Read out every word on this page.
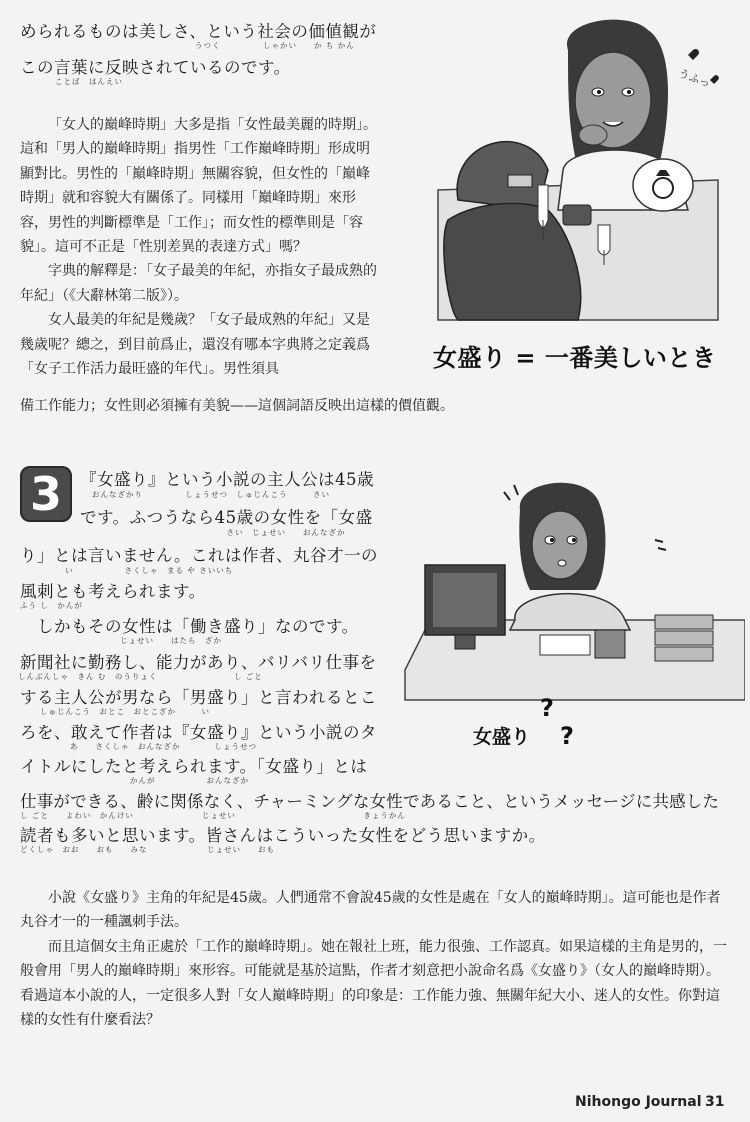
められるものは美しさ、という社会の価値観が
うつく　　　　　しゃかい　　か ち かん
この言葉に反映されているのです。
ことば　はんえい

「女人的巔峰時期」大多是指「女性最美麗的時期」。這和「男人的巔峰時期」指男性「工作巔峰時期」形成明顯對比。男性的「巔峰時期」無關容貌，但女性的「巔峰時期」就和容貌大有關係了。同樣用「巔峰時期」來形容，男性的判斷標準是「工作」；而女性的標準則是「容貌」。這可不正是「性別差異的表達方式」嗎？

字典的解釋是：「女子最美的年紀，亦指女子最成熟的年紀」（《大辭林第二版》）。

女人最美的年紀是幾歲？「女子最成熟的年紀」又是幾歲呢？總之，到目前爲止，還沒有哪本字典將之定義爲「女子工作活力最旺盛的年代」。男性須具

備工作能力；女性則必須擁有美貌——這個詞語反映出這樣的價值觀。
うふっ
女盛り = 一番美しいとき
3	『女盛り』という小説の主人公は45歳
おんなざかり　　　　　しょうせつ　しゅじんこう　　　さい
です。ふつうなら45歳の女性を「女盛
　　　　　　　　　さい　じょせい　　おんなざか
り」とは言いません。これは作者、丸谷才一の
い　　　　　　さくしゃ　まる や さいいち
風刺とも考えられます。
ふう し　かんが
　しかもその女性は「働き盛り」なのです。
じょせい　　はたら　ざか
新聞社に勤務し、能力があり、バリバリ仕事を
しんぶんしゃ　きん む　のうりょく　　　　　　　　　し ごと
する主人公が男なら「男盛り」と言われるとこ
しゅじんこう　おとこ　おとこざか　　　い
ろを、敢えて作者は『女盛り』という小説のタ
あ　　さくしゃ　おんなざか　　　　しょうせつ
イトルにしたと考えられます。「女盛り」とは
かんが　　　　　　おんなざか
仕事ができる、齢に関係なく、チャーミングな女性であること、というメッセージに共感した
し ごと　　よわい　かんけい　　　　　　　　じょせい　　　　　　　　　　　　　　　きょうかん
読者も多いと思います。皆さんはこういった女性をどう思いますか。
どくしゃ　おお　　おも　　みな　　　　　　　じょせい　　おも
女盛り
?
?

小說《女盛り》主角的年紀是45歲。人們通常不會說45歲的女性是處在「女人的巔峰時期」。這可能也是作者丸谷才一的一種諷刺手法。

而且這個女主角正處於「工作的巔峰時期」。她在報社上班，能力很強、工作認真。如果這樣的主角是男的，一般會用「男人的巔峰時期」來形容。可能就是基於這點，作者才刻意把小說命名爲《女盛り》（女人的巔峰時期）。看過這本小說的人，一定很多人對「女人巔峰時期」的印象是：工作能力強、無關年紀大小、迷人的女性。你對這樣的女性有什麼看法？

Nihongo Journal 31
